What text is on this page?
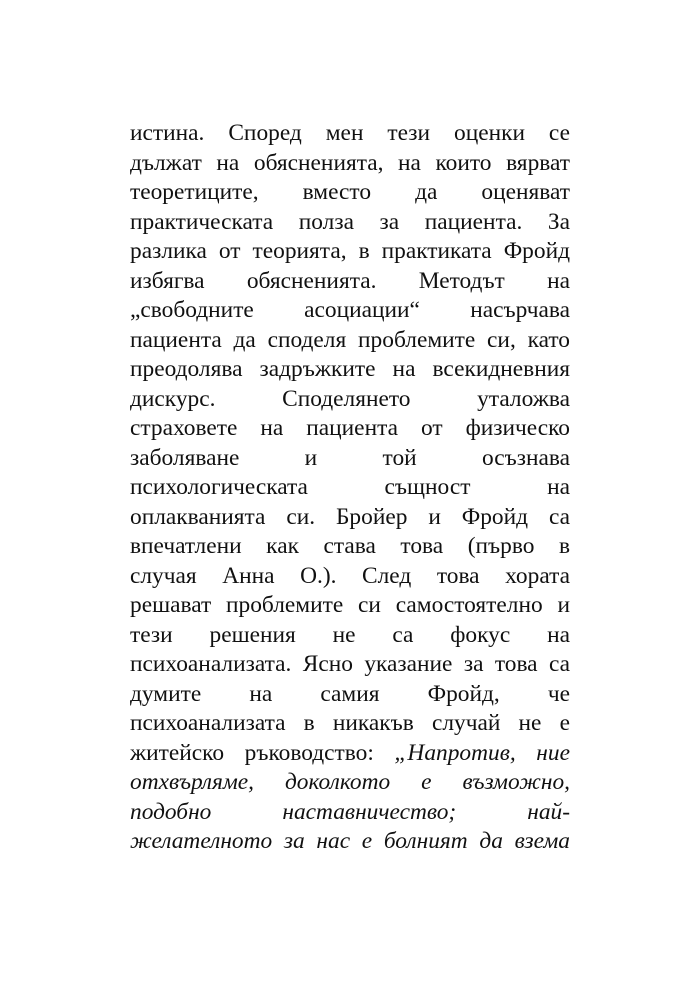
истина. Според мен тези оценки се
дължат на обясненията, на които вярват
теоретиците, вместо да оценяват
практическата полза за пациента. За
разлика от теорията, в практиката Фройд
избягва обясненията. Методът на
„свободните асоциации“ насърчава
пациента да споделя проблемите си, като
преодолява задръжките на всекидневния
дискурс. Споделянето уталожва
страховете на пациента от физическо
заболяване и той осъзнава
психологическата същност на
оплакванията си. Бройер и Фройд са
впечатлени как става това (първо в
случая Анна О.). След това хората
решават проблемите си самостоятелно и
тези решения не са фокус на
психоанализата. Ясно указание за това са
думите на самия Фройд, че
психоанализата в никакъв случай не е
житейско ръководство: „Напротив, ние
отхвърляме, доколкото е възможно,
подобно наставничество; най-
желателното за нас е болният да взема
